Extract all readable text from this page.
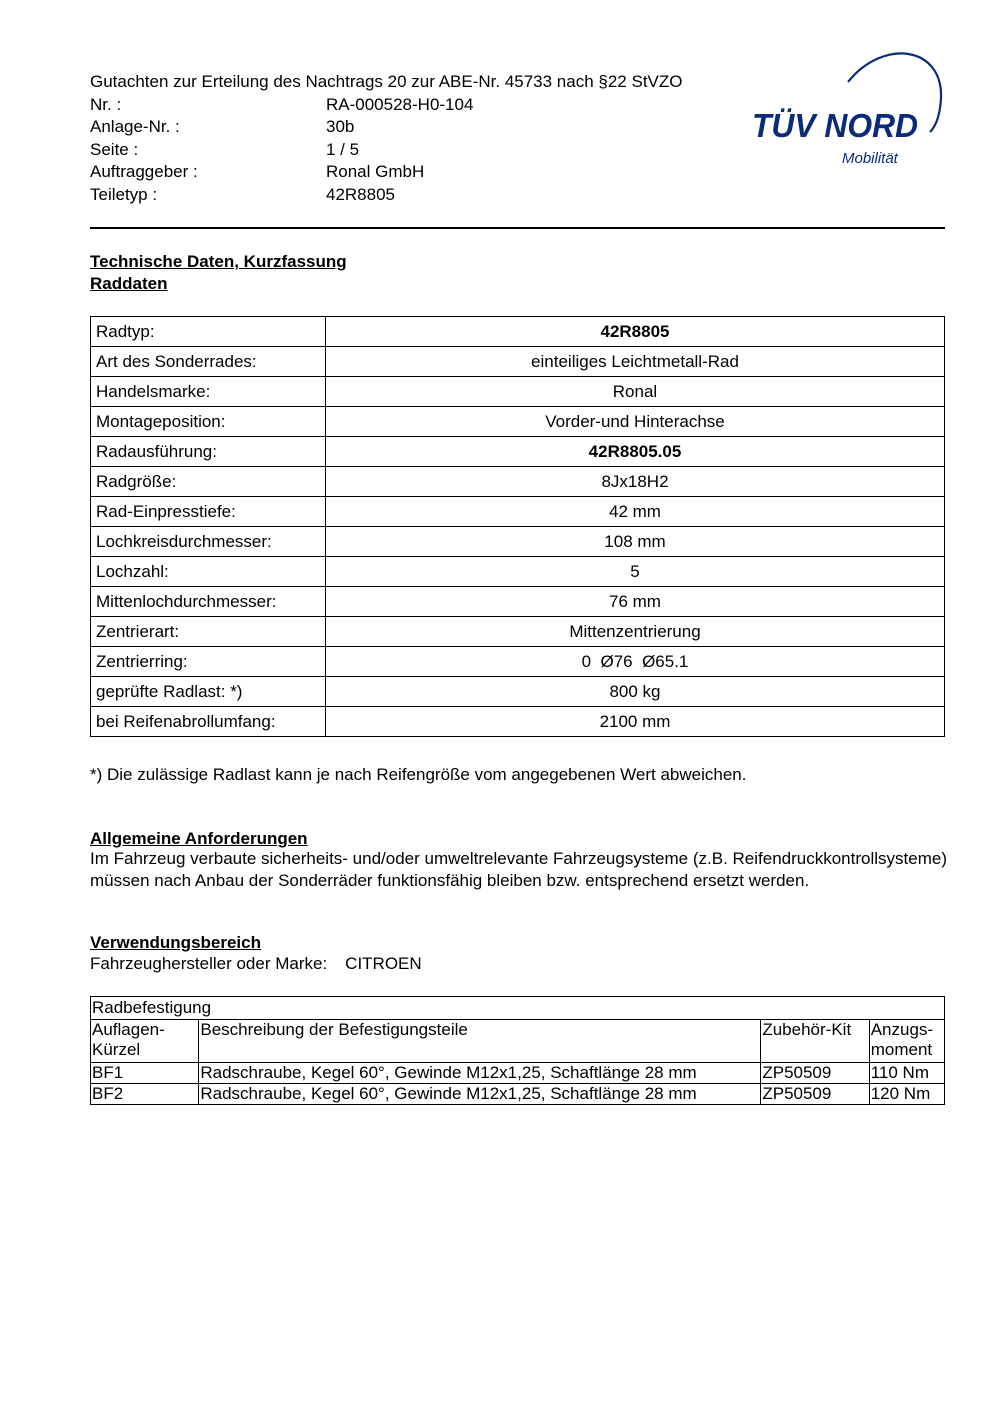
Gutachten zur Erteilung des Nachtrags 20 zur ABE-Nr. 45733 nach §22 StVZO
Nr. :	RA-000528-H0-104
Anlage-Nr. :	30b
Seite :	1 / 5
Auftraggeber :	Ronal GmbH
Teiletyp :	42R8805
TÜV NORD
Mobilität
Technische Daten, Kurzfassung
Raddaten
Radtyp:	42R8805
Art des Sonderrades:	einteiliges Leichtmetall-Rad
Handelsmarke:	Ronal
Montageposition:	Vorder-und Hinterachse
Radausführung:	42R8805.05
Radgröße:	8Jx18H2
Rad-Einpresstiefe:	42 mm
Lochkreisdurchmesser:	108 mm
Lochzahl:	5
Mittenlochdurchmesser:	76 mm
Zentrierart:	Mittenzentrierung
Zentrierring:	0  Ø76  Ø65.1
geprüfte Radlast: *)	800 kg
bei Reifenabrollumfang:	2100 mm
*) Die zulässige Radlast kann je nach Reifengröße vom angegebenen Wert abweichen.
Allgemeine Anforderungen
Im Fahrzeug verbaute sicherheits- und/oder umweltrelevante Fahrzeugsysteme (z.B. Reifendruckkontrollsysteme) müssen nach Anbau der Sonderräder funktionsfähig bleiben bzw. entsprechend ersetzt werden.
Verwendungsbereich
Fahrzeughersteller oder Marke: CITROEN
Radbefestigung			
Auflagen-Kürzel	Beschreibung der Befestigungsteile	Zubehör-Kit	Anzugs-moment
BF1	Radschraube, Kegel 60°, Gewinde M12x1,25, Schaftlänge 28 mm	ZP50509	110 Nm
BF2	Radschraube, Kegel 60°, Gewinde M12x1,25, Schaftlänge 28 mm	ZP50509	120 Nm
